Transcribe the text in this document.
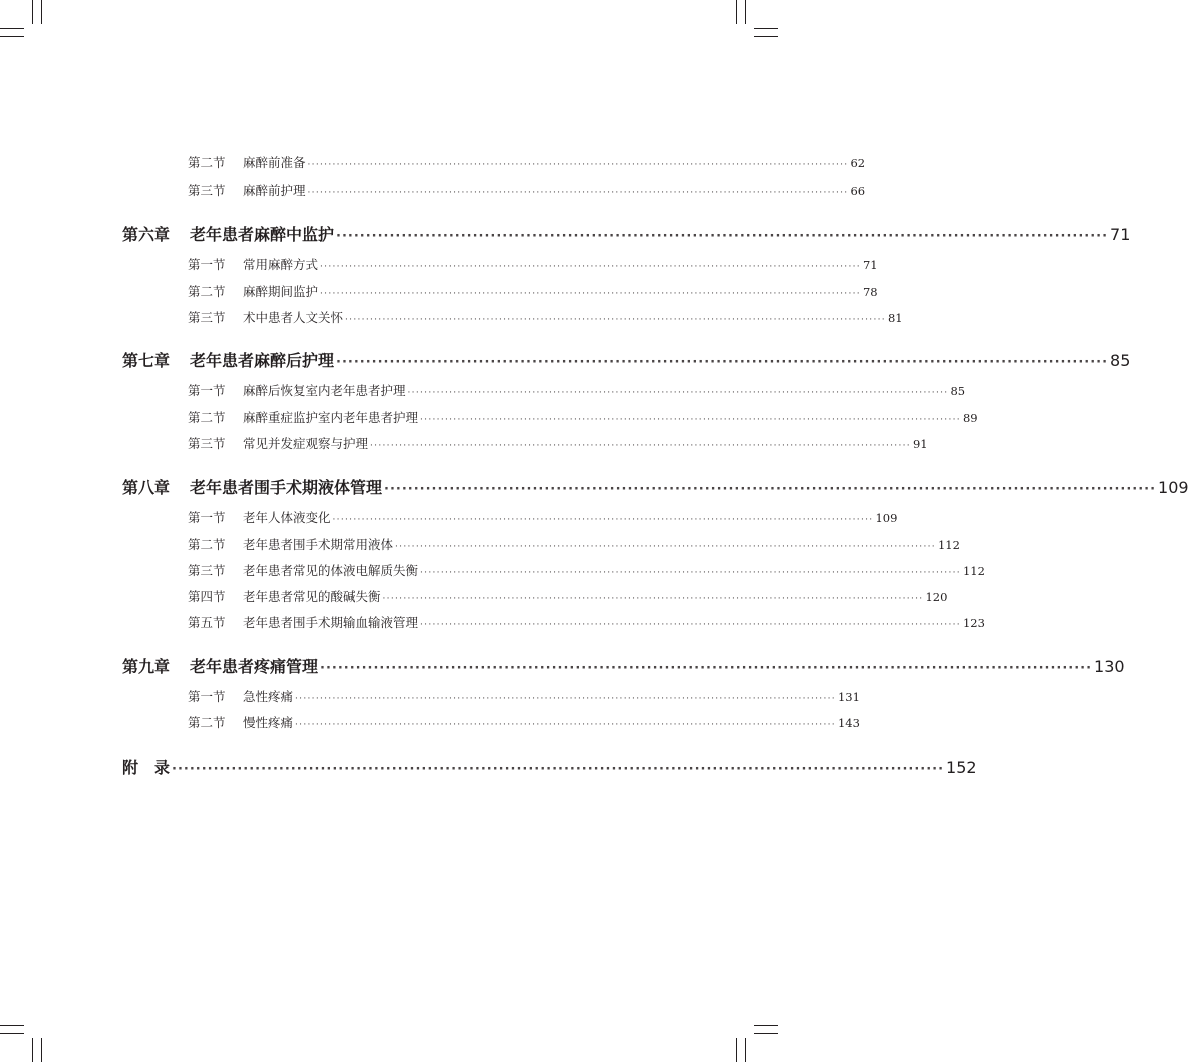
第二节	麻醉前准备 ·································································································································· 62
第三节	麻醉前护理 ·································································································································· 66
第六章	老年患者麻醉中监护 ·································································································································· 71
第一节	常用麻醉方式 ·································································································································· 71
第二节	麻醉期间监护 ·································································································································· 78
第三节	术中患者人文关怀 ·································································································································· 81
第七章	老年患者麻醉后护理 ·································································································································· 85
第一节	麻醉后恢复室内老年患者护理 ·································································································································· 85
第二节	麻醉重症监护室内老年患者护理 ·································································································································· 89
第三节	常见并发症观察与护理 ·································································································································· 91
第八章	老年患者围手术期液体管理 ·································································································································· 109
第一节	老年人体液变化 ·································································································································· 109
第二节	老年患者围手术期常用液体 ·································································································································· 112
第三节	老年患者常见的体液电解质失衡 ·································································································································· 112
第四节	老年患者常见的酸碱失衡 ·································································································································· 120
第五节	老年患者围手术期输血输液管理 ·································································································································· 123
第九章	老年患者疼痛管理 ·································································································································· 130
第一节	急性疼痛 ·································································································································· 131
第二节	慢性疼痛 ·································································································································· 143
附　录 ·································································································································· 152
